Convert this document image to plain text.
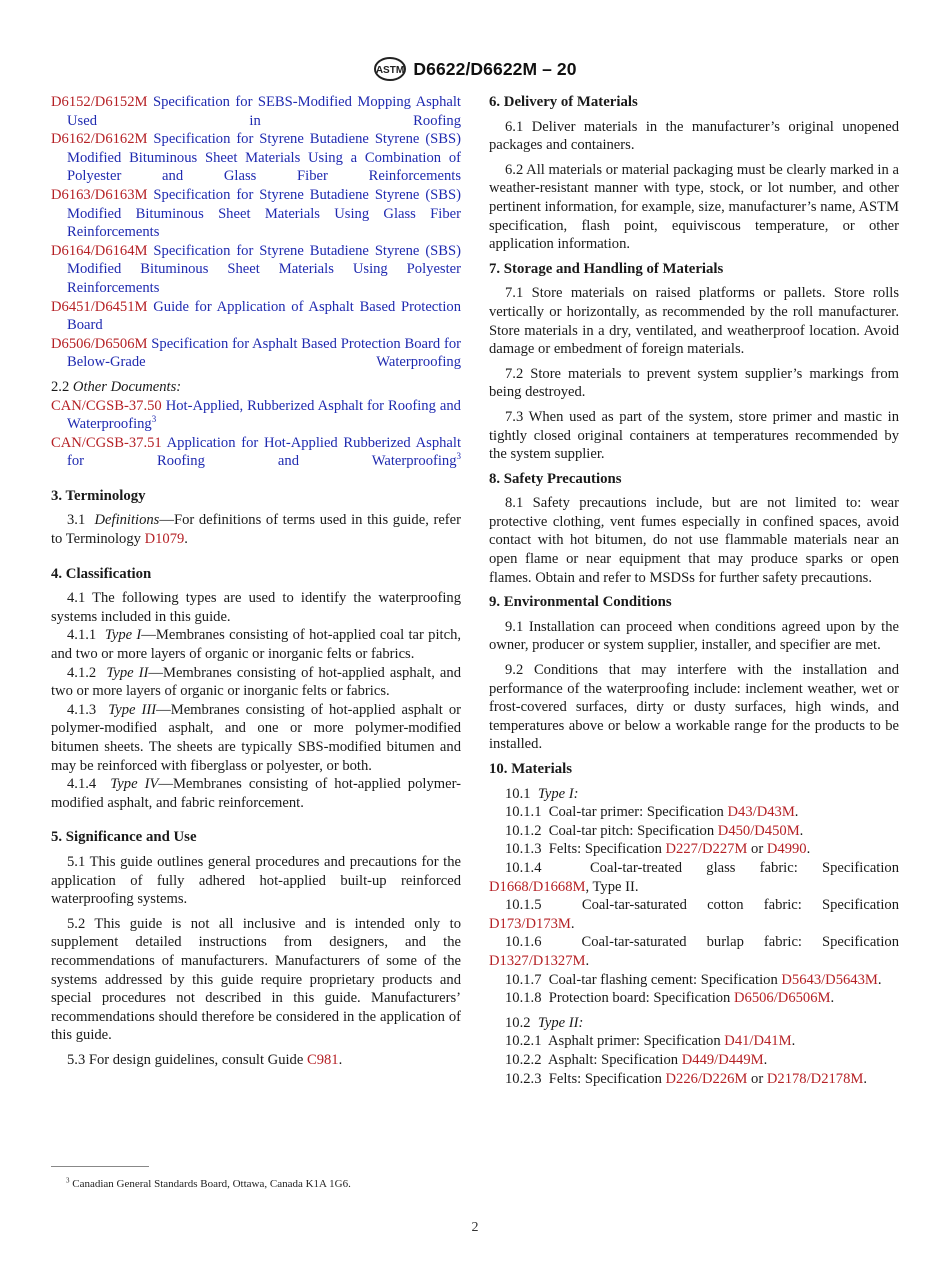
ASTM D6622/D6622M – 20

D6152/D6152M Specification for SEBS-Modified Mopping Asphalt Used in Roofing

D6162/D6162M Specification for Styrene Butadiene Styrene (SBS) Modified Bituminous Sheet Materials Using a Combination of Polyester and Glass Fiber Reinforcements

D6163/D6163M Specification for Styrene Butadiene Styrene (SBS) Modified Bituminous Sheet Materials Using Glass Fiber Reinforcements

D6164/D6164M Specification for Styrene Butadiene Styrene (SBS) Modified Bituminous Sheet Materials Using Polyester Reinforcements

D6451/D6451M Guide for Application of Asphalt Based Protection Board

D6506/D6506M Specification for Asphalt Based Protection Board for Below-Grade Waterproofing

2.2 Other Documents:

CAN/CGSB-37.50 Hot-Applied, Rubberized Asphalt for Roofing and Waterproofing$^3$

CAN/CGSB-37.51 Application for Hot-Applied Rubberized Asphalt for Roofing and Waterproofing$^3$

3. Terminology

3.1 Definitions—For definitions of terms used in this guide, refer to Terminology D1079.

4. Classification

4.1 The following types are used to identify the waterproofing systems included in this guide.

4.1.1 Type I—Membranes consisting of hot-applied coal tar pitch, and two or more layers of organic or inorganic felts or fabrics.

4.1.2 Type II—Membranes consisting of hot-applied asphalt, and two or more layers of organic or inorganic felts or fabrics.

4.1.3 Type III—Membranes consisting of hot-applied asphalt or polymer-modified asphalt, and one or more polymer-modified bitumen sheets. The sheets are typically SBS-modified bitumen and may be reinforced with fiberglass or polyester, or both.

4.1.4 Type IV—Membranes consisting of hot-applied polymer-modified asphalt, and fabric reinforcement.

5. Significance and Use

5.1 This guide outlines general procedures and precautions for the application of fully adhered hot-applied built-up reinforced waterproofing systems.

5.2 This guide is not all inclusive and is intended only to supplement detailed instructions from designers, and the recommendations of manufacturers. Manufacturers of some of the systems addressed by this guide require proprietary products and special procedures not described in this guide. Manufacturers’ recommendations should therefore be considered in the application of this guide.

5.3 For design guidelines, consult Guide C981.

6. Delivery of Materials

6.1 Deliver materials in the manufacturer’s original unopened packages and containers.

6.2 All materials or material packaging must be clearly marked in a weather-resistant manner with type, stock, or lot number, and other pertinent information, for example, size, manufacturer’s name, ASTM specification, flash point, equiviscous temperature, or other application information.

7. Storage and Handling of Materials

7.1 Store materials on raised platforms or pallets. Store rolls vertically or horizontally, as recommended by the roll manufacturer. Store materials in a dry, ventilated, and weatherproof location. Avoid damage or embedment of foreign materials.

7.2 Store materials to prevent system supplier’s markings from being destroyed.

7.3 When used as part of the system, store primer and mastic in tightly closed original containers at temperatures recommended by the system supplier.

8. Safety Precautions

8.1 Safety precautions include, but are not limited to: wear protective clothing, vent fumes especially in confined spaces, avoid contact with hot bitumen, do not use flammable materials near an open flame or near equipment that may produce sparks or open flames. Obtain and refer to MSDSs for further safety precautions.

9. Environmental Conditions

9.1 Installation can proceed when conditions agreed upon by the owner, producer or system supplier, installer, and specifier are met.

9.2 Conditions that may interfere with the installation and performance of the waterproofing include: inclement weather, wet or frost-covered surfaces, dirty or dusty surfaces, high winds, and temperatures above or below a workable range for the products to be installed.

10. Materials

10.1 Type I:

10.1.1 Coal-tar primer: Specification D43/D43M.

10.1.2 Coal-tar pitch: Specification D450/D450M.

10.1.3 Felts: Specification D227/D227M or D4990.

10.1.4	Coal-tar-treated glass fabric: Specification D1668/D1668M, Type II.

10.1.5	Coal-tar-saturated cotton fabric: Specification D173/D173M.

10.1.6	Coal-tar-saturated burlap fabric: Specification D1327/D1327M.

10.1.7 Coal-tar flashing cement: Specification D5643/D5643M.

10.1.8 Protection board: Specification D6506/D6506M.

10.2 Type II:

10.2.1 Asphalt primer: Specification D41/D41M.

10.2.2 Asphalt: Specification D449/D449M.

10.2.3 Felts: Specification D226/D226M or D2178/D2178M.

$^3$ Canadian General Standards Board, Ottawa, Canada K1A 1G6.
2
